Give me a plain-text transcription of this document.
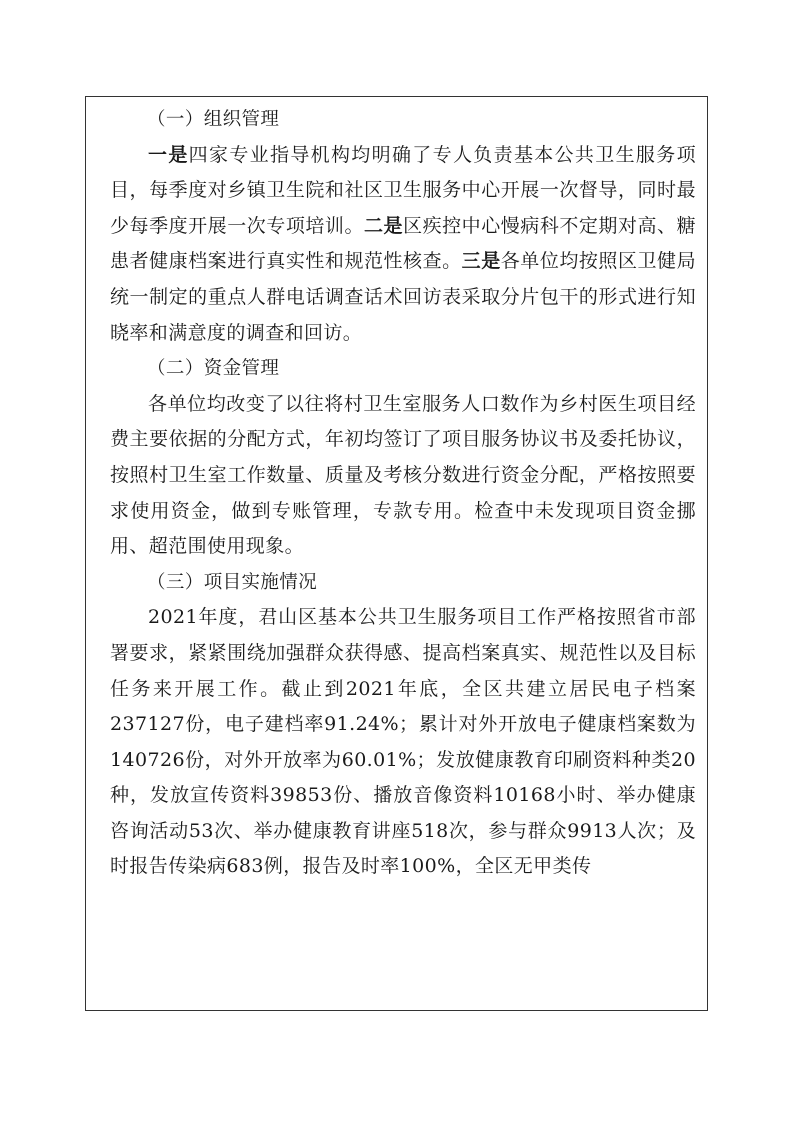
（一）组织管理

一是四家专业指导机构均明确了专人负责基本公共卫生服务项目，每季度对乡镇卫生院和社区卫生服务中心开展一次督导，同时最少每季度开展一次专项培训。二是区疾控中心慢病科不定期对高、糖患者健康档案进行真实性和规范性核查。三是各单位均按照区卫健局统一制定的重点人群电话调查话术回访表采取分片包干的形式进行知晓率和满意度的调查和回访。

（二）资金管理

各单位均改变了以往将村卫生室服务人口数作为乡村医生项目经费主要依据的分配方式，年初均签订了项目服务协议书及委托协议，按照村卫生室工作数量、质量及考核分数进行资金分配，严格按照要求使用资金，做到专账管理，专款专用。检查中未发现项目资金挪用、超范围使用现象。

（三）项目实施情况

2021年度，君山区基本公共卫生服务项目工作严格按照省市部署要求，紧紧围绕加强群众获得感、提高档案真实、规范性以及目标任务来开展工作。截止到2021年底，全区共建立居民电子档案237127份，电子建档率91.24%；累计对外开放电子健康档案数为140726份，对外开放率为60.01%；发放健康教育印刷资料种类20种，发放宣传资料39853份、播放音像资料10168小时、举办健康咨询活动53次、举办健康教育讲座518次，参与群众9913人次；及时报告传染病683例，报告及时率100%，全区无甲类传
